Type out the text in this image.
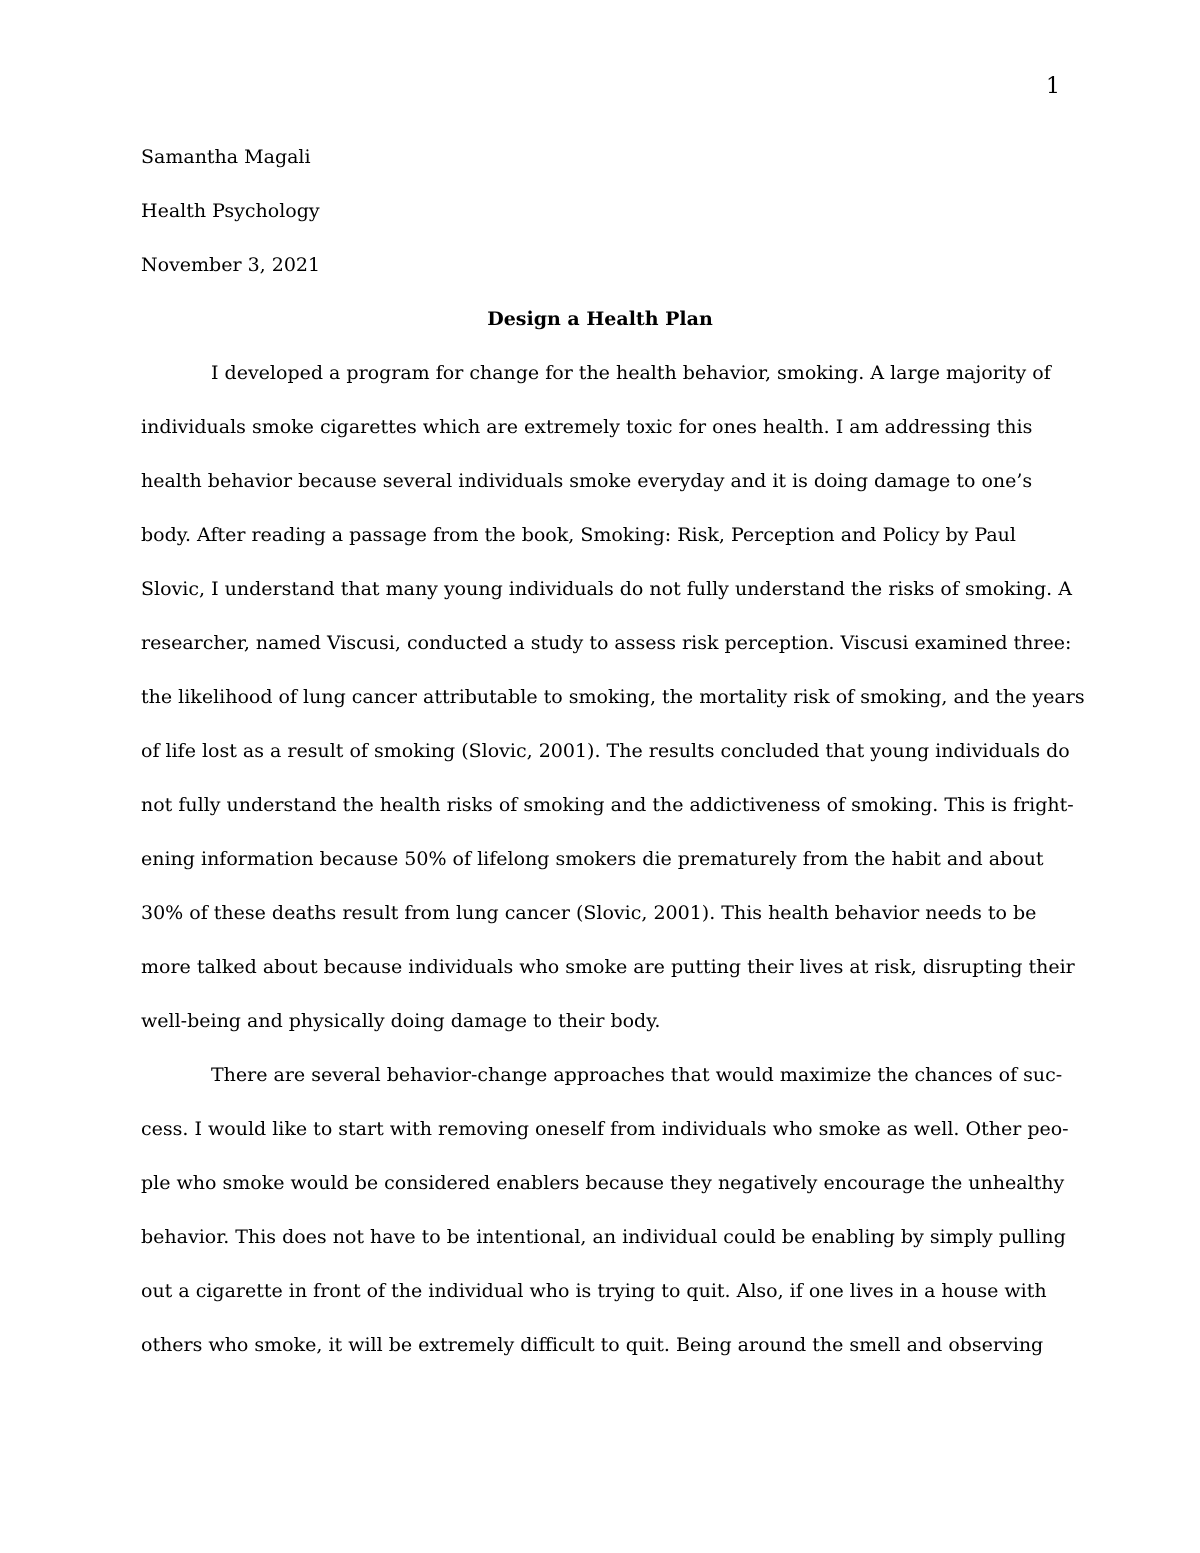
1
Samantha Magali
Health Psychology
November 3, 2021
Design a Health Plan
I developed a program for change for the health behavior, smoking. A large majority of
individuals smoke cigarettes which are extremely toxic for ones health. I am addressing this
health behavior because several individuals smoke everyday and it is doing damage to one’s
body. After reading a passage from the book, Smoking: Risk, Perception and Policy by Paul
Slovic, I understand that many young individuals do not fully understand the risks of smoking. A
researcher, named Viscusi, conducted a study to assess risk perception. Viscusi examined three:
the likelihood of lung cancer attributable to smoking, the mortality risk of smoking, and the years
of life lost as a result of smoking (Slovic, 2001). The results concluded that young individuals do
not fully understand the health risks of smoking and the addictiveness of smoking. This is fright-
ening information because 50% of lifelong smokers die prematurely from the habit and about
30% of these deaths result from lung cancer (Slovic, 2001). This health behavior needs to be
more talked about because individuals who smoke are putting their lives at risk, disrupting their
well-being and physically doing damage to their body.
There are several behavior-change approaches that would maximize the chances of suc-
cess. I would like to start with removing oneself from individuals who smoke as well. Other peo-
ple who smoke would be considered enablers because they negatively encourage the unhealthy
behavior. This does not have to be intentional, an individual could be enabling by simply pulling
out a cigarette in front of the individual who is trying to quit. Also, if one lives in a house with
others who smoke, it will be extremely difficult to quit. Being around the smell and observing
